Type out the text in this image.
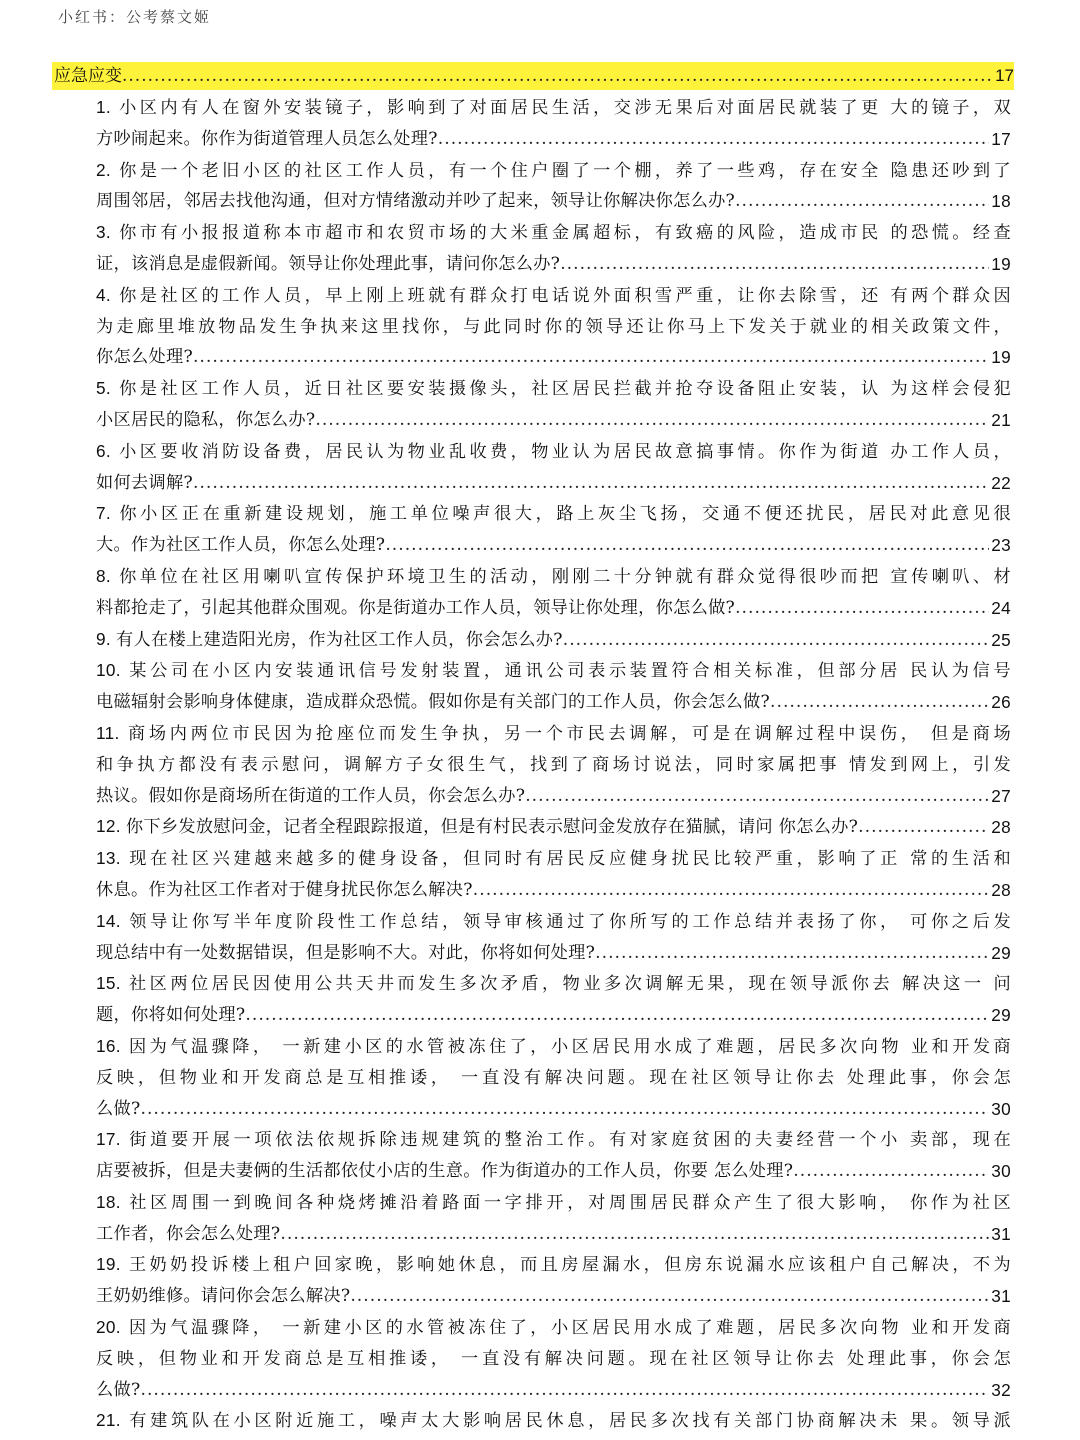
小红书：公考蔡文姬
应急应变 .....	17
1. 小区内有人在窗外安装镜子，影响到了对面居民生活，交涉无果后对面居民就装了更 大的镜子，双
方吵闹起来。你作为街道管理人员怎么处理? .....	17
2. 你是一个老旧小区的社区工作人员，有一个住户圈了一个棚，养了一些鸡，存在安全 隐患还吵到了
周围邻居，邻居去找他沟通，但对方情绪激动并吵了起来，领导让你解决你怎么办? .....	18
3. 你市有小报报道称本市超市和农贸市场的大米重金属超标，有致癌的风险，造成市民 的恐慌。经查
证，该消息是虚假新闻。领导让你处理此事，请问你怎么办? .....	19
4. 你是社区的工作人员，早上刚上班就有群众打电话说外面积雪严重，让你去除雪，还 有两个群众因
为走廊里堆放物品发生争执来这里找你，与此同时你的领导还让你马上下发关于就业的相关政策文件，
你怎么处理? .....	19
5. 你是社区工作人员，近日社区要安装摄像头，社区居民拦截并抢夺设备阻止安装，认 为这样会侵犯
小区居民的隐私，你怎么办? .....	21
6. 小区要收消防设备费，居民认为物业乱收费，物业认为居民故意搞事情。你作为街道 办工作人员，
如何去调解? .....	22
7. 你小区正在重新建设规划，施工单位噪声很大，路上灰尘飞扬，交通不便还扰民，居民对此意见很
大。作为社区工作人员，你怎么处理? .....	23
8. 你单位在社区用喇叭宣传保护环境卫生的活动，刚刚二十分钟就有群众觉得很吵而把 宣传喇叭、材
料都抢走了，引起其他群众围观。你是街道办工作人员，领导让你处理，你怎么做? .....	24
9. 有人在楼上建造阳光房，作为社区工作人员，你会怎么办? .....	25
10. 某公司在小区内安装通讯信号发射装置，通讯公司表示装置符合相关标准，但部分居 民认为信号
电磁辐射会影响身体健康，造成群众恐慌。假如你是有关部门的工作人员，你会怎么做? .....	26
11. 商场内两位市民因为抢座位而发生争执，另一个市民去调解，可是在调解过程中误伤， 但是商场
和争执方都没有表示慰问，调解方子女很生气，找到了商场讨说法，同时家属把事 情发到网上，引发
热议。假如你是商场所在街道的工作人员，你会怎么办? .....	27
12. 你下乡发放慰问金，记者全程跟踪报道，但是有村民表示慰问金发放存在猫腻，请问 你怎么办? .....	28
13. 现在社区兴建越来越多的健身设备，但同时有居民反应健身扰民比较严重，影响了正 常的生活和
休息。作为社区工作者对于健身扰民你怎么解决? .....	28
14. 领导让你写半年度阶段性工作总结，领导审核通过了你所写的工作总结并表扬了你， 可你之后发
现总结中有一处数据错误，但是影响不大。对此，你将如何处理? .....	29
15. 社区两位居民因使用公共天井而发生多次矛盾，物业多次调解无果，现在领导派你去 解决这一 问
题，你将如何处理? .....	29
16. 因为气温骤降， 一新建小区的水管被冻住了，小区居民用水成了难题，居民多次向物 业和开发商
反映，但物业和开发商总是互相推诿， 一直没有解决问题。现在社区领导让你去 处理此事，你会怎
么做? .....	30
17. 街道要开展一项依法依规拆除违规建筑的整治工作。有对家庭贫困的夫妻经营一个小 卖部，现在
店要被拆，但是夫妻俩的生活都依仗小店的生意。作为街道办的工作人员，你要 怎么处理? .....	30
18. 社区周围一到晚间各种烧烤摊沿着路面一字排开，对周围居民群众产生了很大影响， 你作为社区
工作者，你会怎么处理? .....	31
19. 王奶奶投诉楼上租户回家晚，影响她休息，而且房屋漏水，但房东说漏水应该租户自己解决，不为
王奶奶维修。请问你会怎么解决? .....	31
20. 因为气温骤降， 一新建小区的水管被冻住了，小区居民用水成了难题，居民多次向物 业和开发商
反映，但物业和开发商总是互相推诿， 一直没有解决问题。现在社区领导让你去 处理此事，你会怎
么做? .....	32
21. 有建筑队在小区附近施工，噪声太大影响居民休息，居民多次找有关部门协商解决未 果。领导派
